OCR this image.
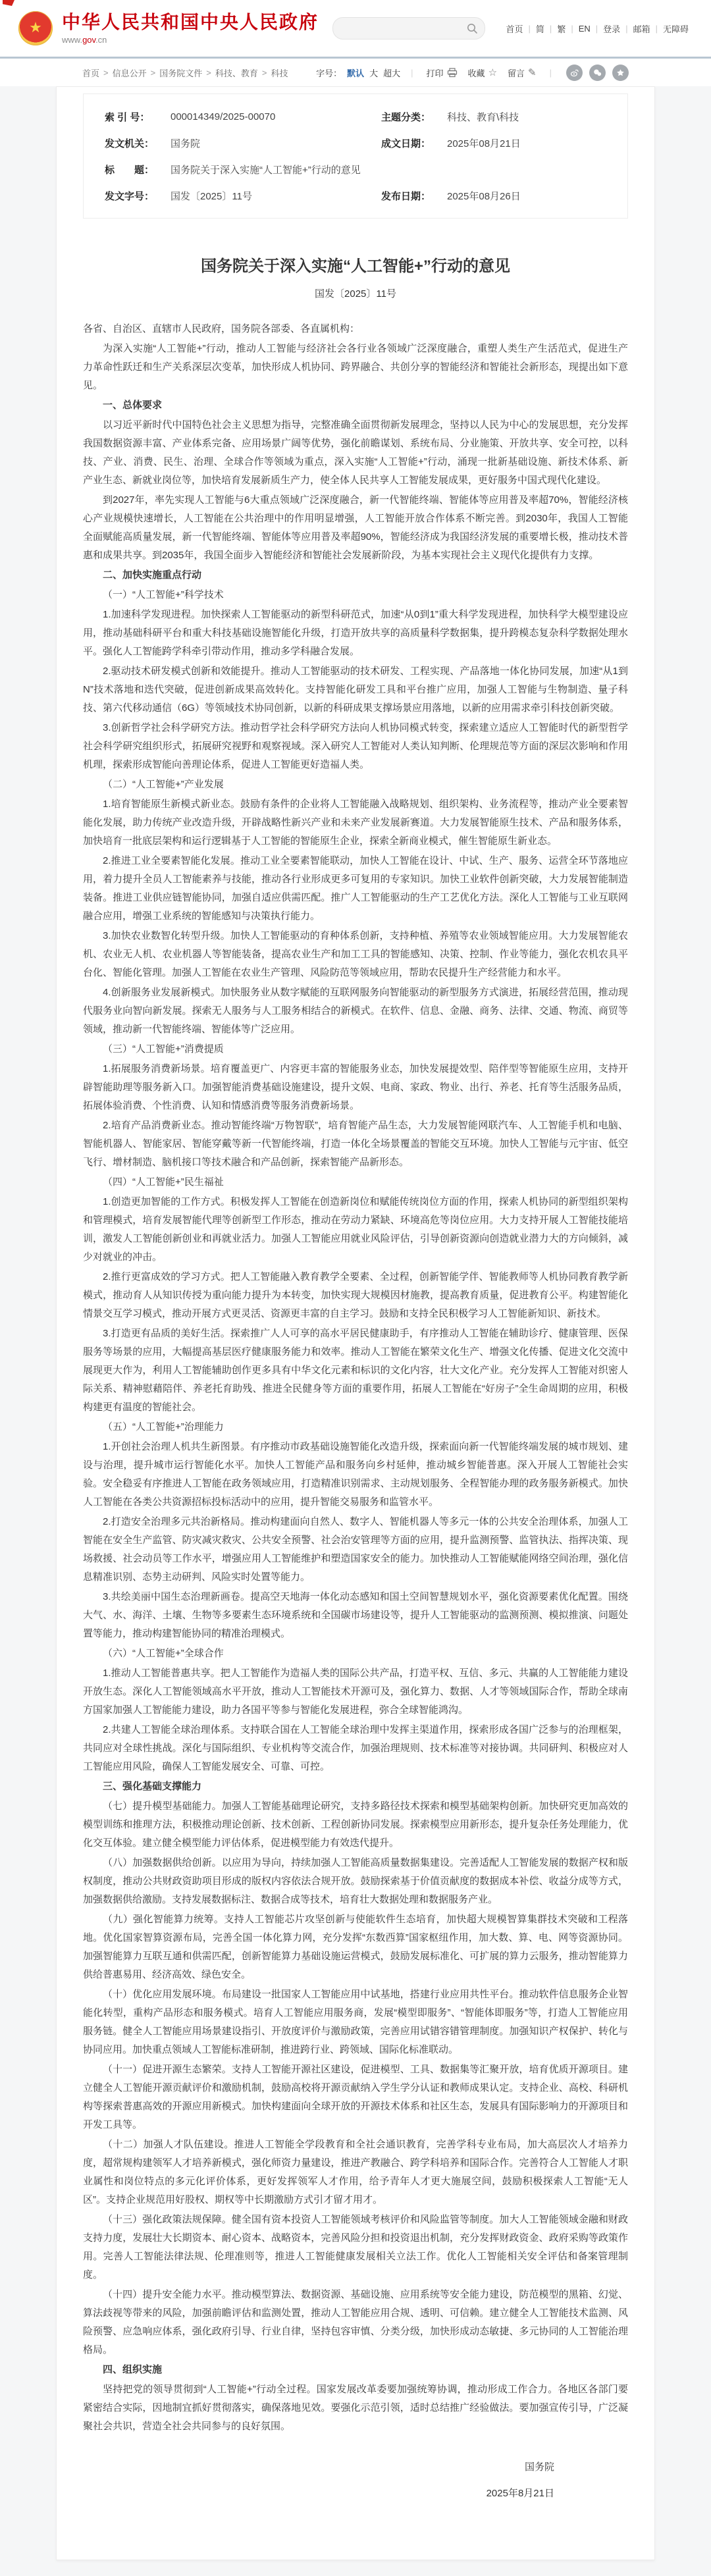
★ 中华人民共和国中央人民政府
www.gov.cn
首页 | 简 | 繁 | EN | 登录 | 邮箱 | 无障碍
首页 > 信息公开 > 国务院文件 > 科技、教育 > 科技	字号： 默认 大 超大	| 打印	收藏 ☆ 留言 ✎ |
索 引 号：	000014349/2025-00070	主题分类：	科技、教育\科技
发文机关：	国务院	成文日期：	2025年08月21日
标　　题：	国务院关于深入实施“人工智能+”行动的意见
发文字号：	国发〔2025〕11号	发布日期：	2025年08月26日
国务院关于深入实施“人工智能+”行动的意见
国发〔2025〕11号

各省、自治区、直辖市人民政府，国务院各部委、各直属机构：

为深入实施“人工智能+”行动，推动人工智能与经济社会各行业各领域广泛深度融合，重塑人类生产生活范式，促进生产力革命性跃迁和生产关系深层次变革，加快形成人机协同、跨界融合、共创分享的智能经济和智能社会新形态，现提出如下意见。

一、总体要求

以习近平新时代中国特色社会主义思想为指导，完整准确全面贯彻新发展理念，坚持以人民为中心的发展思想，充分发挥我国数据资源丰富、产业体系完备、应用场景广阔等优势，强化前瞻谋划、系统布局、分业施策、开放共享、安全可控，以科技、产业、消费、民生、治理、全球合作等领域为重点，深入实施“人工智能+”行动，涌现一批新基础设施、新技术体系、新产业生态、新就业岗位等，加快培育发展新质生产力，使全体人民共享人工智能发展成果，更好服务中国式现代化建设。

到2027年，率先实现人工智能与6大重点领域广泛深度融合，新一代智能终端、智能体等应用普及率超70%，智能经济核心产业规模快速增长，人工智能在公共治理中的作用明显增强，人工智能开放合作体系不断完善。到2030年，我国人工智能全面赋能高质量发展，新一代智能终端、智能体等应用普及率超90%，智能经济成为我国经济发展的重要增长极，推动技术普惠和成果共享。到2035年，我国全面步入智能经济和智能社会发展新阶段，为基本实现社会主义现代化提供有力支撑。

二、加快实施重点行动

（一）“人工智能+”科学技术

1.加速科学发现进程。加快探索人工智能驱动的新型科研范式，加速“从0到1”重大科学发现进程，加快科学大模型建设应用，推动基础科研平台和重大科技基础设施智能化升级，打造开放共享的高质量科学数据集，提升跨模态复杂科学数据处理水平。强化人工智能跨学科牵引带动作用，推动多学科融合发展。

2.驱动技术研发模式创新和效能提升。推动人工智能驱动的技术研发、工程实现、产品落地一体化协同发展，加速“从1到N”技术落地和迭代突破，促进创新成果高效转化。支持智能化研发工具和平台推广应用，加强人工智能与生物制造、量子科技、第六代移动通信（6G）等领域技术协同创新，以新的科研成果支撑场景应用落地，以新的应用需求牵引科技创新突破。

3.创新哲学社会科学研究方法。推动哲学社会科学研究方法向人机协同模式转变，探索建立适应人工智能时代的新型哲学社会科学研究组织形式，拓展研究视野和观察视域。深入研究人工智能对人类认知判断、伦理规范等方面的深层次影响和作用机理，探索形成智能向善理论体系，促进人工智能更好造福人类。

（二）“人工智能+”产业发展

1.培育智能原生新模式新业态。鼓励有条件的企业将人工智能融入战略规划、组织架构、业务流程等，推动产业全要素智能化发展，助力传统产业改造升级，开辟战略性新兴产业和未来产业发展新赛道。大力发展智能原生技术、产品和服务体系，加快培育一批底层架构和运行逻辑基于人工智能的智能原生企业，探索全新商业模式，催生智能原生新业态。

2.推进工业全要素智能化发展。推动工业全要素智能联动，加快人工智能在设计、中试、生产、服务、运营全环节落地应用，着力提升全员人工智能素养与技能，推动各行业形成更多可复用的专家知识。加快工业软件创新突破，大力发展智能制造装备。推进工业供应链智能协同，加强自适应供需匹配。推广人工智能驱动的生产工艺优化方法。深化人工智能与工业互联网融合应用，增强工业系统的智能感知与决策执行能力。

3.加快农业数智化转型升级。加快人工智能驱动的育种体系创新，支持种植、养殖等农业领域智能应用。大力发展智能农机、农业无人机、农业机器人等智能装备，提高农业生产和加工工具的智能感知、决策、控制、作业等能力，强化农机农具平台化、智能化管理。加强人工智能在农业生产管理、风险防范等领域应用，帮助农民提升生产经营能力和水平。

4.创新服务业发展新模式。加快服务业从数字赋能的互联网服务向智能驱动的新型服务方式演进，拓展经营范围，推动现代服务业向智向新发展。探索无人服务与人工服务相结合的新模式。在软件、信息、金融、商务、法律、交通、物流、商贸等领域，推动新一代智能终端、智能体等广泛应用。

（三）“人工智能+”消费提质

1.拓展服务消费新场景。培育覆盖更广、内容更丰富的智能服务业态，加快发展提效型、陪伴型等智能原生应用，支持开辟智能助理等服务新入口。加强智能消费基础设施建设，提升文娱、电商、家政、物业、出行、养老、托育等生活服务品质，拓展体验消费、个性消费、认知和情感消费等服务消费新场景。

2.培育产品消费新业态。推动智能终端“万物智联”，培育智能产品生态，大力发展智能网联汽车、人工智能手机和电脑、智能机器人、智能家居、智能穿戴等新一代智能终端，打造一体化全场景覆盖的智能交互环境。加快人工智能与元宇宙、低空飞行、增材制造、脑机接口等技术融合和产品创新，探索智能产品新形态。

（四）“人工智能+”民生福祉

1.创造更加智能的工作方式。积极发挥人工智能在创造新岗位和赋能传统岗位方面的作用，探索人机协同的新型组织架构和管理模式，培育发展智能代理等创新型工作形态，推动在劳动力紧缺、环境高危等岗位应用。大力支持开展人工智能技能培训，激发人工智能创新创业和再就业活力。加强人工智能应用就业风险评估，引导创新资源向创造就业潜力大的方向倾斜，减少对就业的冲击。

2.推行更富成效的学习方式。把人工智能融入教育教学全要素、全过程，创新智能学伴、智能教师等人机协同教育教学新模式，推动育人从知识传授为重向能力提升为本转变，加快实现大规模因材施教，提高教育质量，促进教育公平。构建智能化情景交互学习模式，推动开展方式更灵活、资源更丰富的自主学习。鼓励和支持全民积极学习人工智能新知识、新技术。

3.打造更有品质的美好生活。探索推广人人可享的高水平居民健康助手，有序推动人工智能在辅助诊疗、健康管理、医保服务等场景的应用，大幅提高基层医疗健康服务能力和效率。推动人工智能在繁荣文化生产、增强文化传播、促进文化交流中展现更大作为，利用人工智能辅助创作更多具有中华文化元素和标识的文化内容，壮大文化产业。充分发挥人工智能对织密人际关系、精神慰藉陪伴、养老托育助残、推进全民健身等方面的重要作用，拓展人工智能在“好房子”全生命周期的应用，积极构建更有温度的智能社会。

（五）“人工智能+”治理能力

1.开创社会治理人机共生新图景。有序推动市政基础设施智能化改造升级，探索面向新一代智能终端发展的城市规划、建设与治理，提升城市运行智能化水平。加快人工智能产品和服务向乡村延伸，推动城乡智能普惠。深入开展人工智能社会实验。安全稳妥有序推进人工智能在政务领域应用，打造精准识别需求、主动规划服务、全程智能办理的政务服务新模式。加快人工智能在各类公共资源招标投标活动中的应用，提升智能交易服务和监管水平。

2.打造安全治理多元共治新格局。推动构建面向自然人、数字人、智能机器人等多元一体的公共安全治理体系，加强人工智能在安全生产监管、防灾减灾救灾、公共安全预警、社会治安管理等方面的应用，提升监测预警、监管执法、指挥决策、现场救援、社会动员等工作水平，增强应用人工智能维护和塑造国家安全的能力。加快推动人工智能赋能网络空间治理，强化信息精准识别、态势主动研判、风险实时处置等能力。

3.共绘美丽中国生态治理新画卷。提高空天地海一体化动态感知和国土空间智慧规划水平，强化资源要素优化配置。围绕大气、水、海洋、土壤、生物等多要素生态环境系统和全国碳市场建设等，提升人工智能驱动的监测预测、模拟推演、问题处置等能力，推动构建智能协同的精准治理模式。

（六）“人工智能+”全球合作

1.推动人工智能普惠共享。把人工智能作为造福人类的国际公共产品，打造平权、互信、多元、共赢的人工智能能力建设开放生态。深化人工智能领域高水平开放，推动人工智能技术开源可及，强化算力、数据、人才等领域国际合作，帮助全球南方国家加强人工智能能力建设，助力各国平等参与智能化发展进程，弥合全球智能鸿沟。

2.共建人工智能全球治理体系。支持联合国在人工智能全球治理中发挥主渠道作用，探索形成各国广泛参与的治理框架，共同应对全球性挑战。深化与国际组织、专业机构等交流合作，加强治理规则、技术标准等对接协调。共同研判、积极应对人工智能应用风险，确保人工智能发展安全、可靠、可控。

三、强化基础支撑能力

（七）提升模型基础能力。加强人工智能基础理论研究，支持多路径技术探索和模型基础架构创新。加快研究更加高效的模型训练和推理方法，积极推动理论创新、技术创新、工程创新协同发展。探索模型应用新形态，提升复杂任务处理能力，优化交互体验。建立健全模型能力评估体系，促进模型能力有效迭代提升。

（八）加强数据供给创新。以应用为导向，持续加强人工智能高质量数据集建设。完善适配人工智能发展的数据产权和版权制度，推动公共财政资助项目形成的版权内容依法合规开放。鼓励探索基于价值贡献度的数据成本补偿、收益分成等方式，加强数据供给激励。支持发展数据标注、数据合成等技术，培育壮大数据处理和数据服务产业。

（九）强化智能算力统筹。支持人工智能芯片攻坚创新与使能软件生态培育，加快超大规模智算集群技术突破和工程落地。优化国家智算资源布局，完善全国一体化算力网，充分发挥“东数西算”国家枢纽作用，加大数、算、电、网等资源协同。加强智能算力互联互通和供需匹配，创新智能算力基础设施运营模式，鼓励发展标准化、可扩展的算力云服务，推动智能算力供给普惠易用、经济高效、绿色安全。

（十）优化应用发展环境。布局建设一批国家人工智能应用中试基地，搭建行业应用共性平台。推动软件信息服务企业智能化转型，重构产品形态和服务模式。培育人工智能应用服务商，发展“模型即服务”、“智能体即服务”等，打造人工智能应用服务链。健全人工智能应用场景建设指引、开放度评价与激励政策，完善应用试错容错管理制度。加强知识产权保护、转化与协同应用。加快重点领域人工智能标准研制，推进跨行业、跨领域、国际化标准联动。

（十一）促进开源生态繁荣。支持人工智能开源社区建设，促进模型、工具、数据集等汇聚开放，培育优质开源项目。建立健全人工智能开源贡献评价和激励机制，鼓励高校将开源贡献纳入学生学分认证和教师成果认定。支持企业、高校、科研机构等探索普惠高效的开源应用新模式。加快构建面向全球开放的开源技术体系和社区生态，发展具有国际影响力的开源项目和开发工具等。

（十二）加强人才队伍建设。推进人工智能全学段教育和全社会通识教育，完善学科专业布局，加大高层次人才培养力度，超常规构建领军人才培养新模式，强化师资力量建设，推进产教融合、跨学科培养和国际合作。完善符合人工智能人才职业属性和岗位特点的多元化评价体系，更好发挥领军人才作用，给予青年人才更大施展空间，鼓励积极探索人工智能“无人区”。支持企业规范用好股权、期权等中长期激励方式引才留才用才。

（十三）强化政策法规保障。健全国有资本投资人工智能领域考核评价和风险监管等制度。加大人工智能领域金融和财政支持力度，发展壮大长期资本、耐心资本、战略资本，完善风险分担和投资退出机制，充分发挥财政资金、政府采购等政策作用。完善人工智能法律法规、伦理准则等，推进人工智能健康发展相关立法工作。优化人工智能相关安全评估和备案管理制度。

（十四）提升安全能力水平。推动模型算法、数据资源、基础设施、应用系统等安全能力建设，防范模型的黑箱、幻觉、算法歧视等带来的风险，加强前瞻评估和监测处置，推动人工智能应用合规、透明、可信赖。建立健全人工智能技术监测、风险预警、应急响应体系，强化政府引导、行业自律，坚持包容审慎、分类分级，加快形成动态敏捷、多元协同的人工智能治理格局。

四、组织实施

坚持把党的领导贯彻到“人工智能+”行动全过程。国家发展改革委要加强统筹协调，推动形成工作合力。各地区各部门要紧密结合实际，因地制宜抓好贯彻落实，确保落地见效。要强化示范引领，适时总结推广经验做法。要加强宣传引导，广泛凝聚社会共识，营造全社会共同参与的良好氛围。

国务院
2025年8月21日
